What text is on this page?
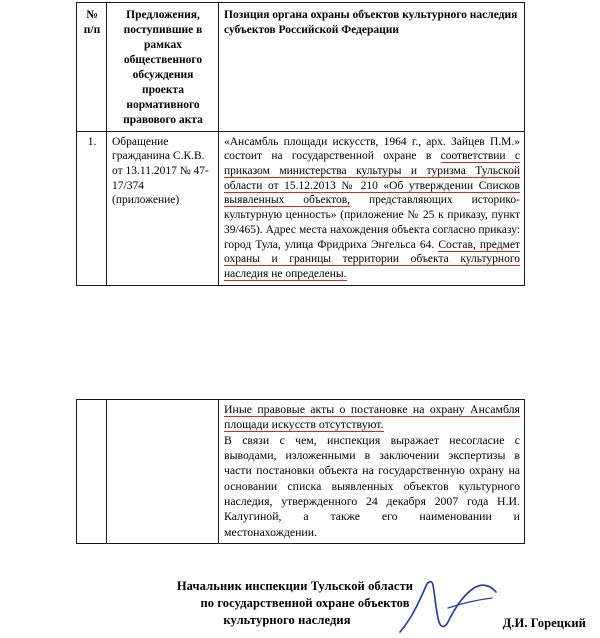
№ п/п	Предложения, поступившие в рамках общественного обсуждения проекта нормативного правового акта	Позиция органа охраны объектов культурного наследия субъектов Российской Федерации
1.	Обращение гражданина С.К.В. от 13.11.2017 № 47-17/374 (приложение)	«Ансамбль площади искусств, 1964 г., арх. Зайцев П.М.» состоит на государственной охране в соответствии с приказом министерства культуры и туризма Тульской области от 15.12.2013 № 210 «Об утверждении Списков выявленных объектов, представляющих историко-культурную ценность» (приложение № 25 к приказу, пункт 39/465). Адрес места нахождения объекта согласно приказу: город Тула, улица Фридриха Энгельса 64. Состав, предмет охраны и границы территории объекта культурного наследия не определены.
		Иные правовые акты о постановке на охрану Ансамбля площади искусств отсутствуют.
В связи с чем, инспекция выражает несогласие с выводами, изложенными в заключении экспертизы в части постановки объекта на государственную охрану на основании списка выявленных объектов культурного наследия, утвержденного 24 декабря 2007 года Н.И. Калугиной, а также его наименовании и местонахождении.
Начальник инспекции Тульской области
по государственной охране объектов
культурного наследия	Д.И. Горецкий
